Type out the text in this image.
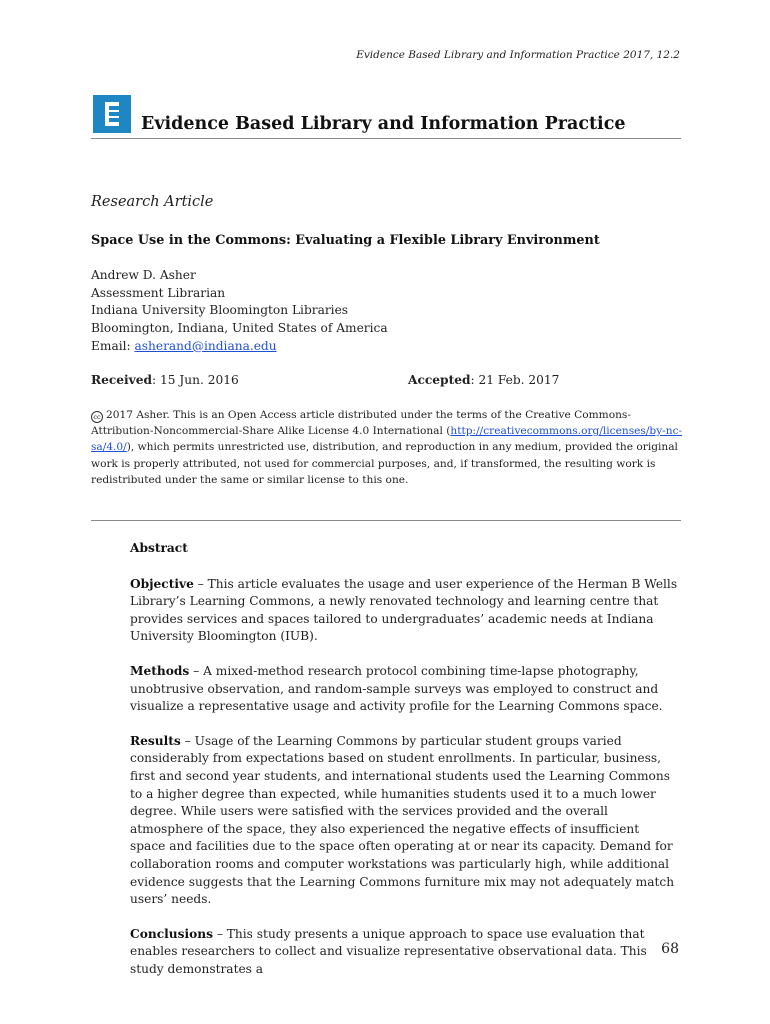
Evidence Based Library and Information Practice 2017, 12.2
Evidence Based Library and Information Practice
Research Article
Space Use in the Commons: Evaluating a Flexible Library Environment
Andrew D. Asher
Assessment Librarian
Indiana University Bloomington Libraries
Bloomington, Indiana, United States of America
Email: asherand@indiana.edu
Received: 15 Jun. 2016	Accepted: 21 Feb. 2017
cc 2017 Asher. This is an Open Access article distributed under the terms of the Creative Commons-Attribution-Noncommercial-Share Alike License 4.0 International (http://creativecommons.org/licenses/by-nc-sa/4.0/), which permits unrestricted use, distribution, and reproduction in any medium, provided the original work is properly attributed, not used for commercial purposes, and, if transformed, the resulting work is redistributed under the same or similar license to this one.
Abstract

Objective – This article evaluates the usage and user experience of the Herman B Wells Library’s Learning Commons, a newly renovated technology and learning centre that provides services and spaces tailored to undergraduates’ academic needs at Indiana University Bloomington (IUB).

Methods – A mixed-method research protocol combining time-lapse photography, unobtrusive observation, and random-sample surveys was employed to construct and visualize a representative usage and activity profile for the Learning Commons space.

Results – Usage of the Learning Commons by particular student groups varied considerably from expectations based on student enrollments. In particular, business, first and second year students, and international students used the Learning Commons to a higher degree than expected, while humanities students used it to a much lower degree. While users were satisfied with the services provided and the overall atmosphere of the space, they also experienced the negative effects of insufficient space and facilities due to the space often operating at or near its capacity. Demand for collaboration rooms and computer workstations was particularly high, while additional evidence suggests that the Learning Commons furniture mix may not adequately match users’ needs.

Conclusions – This study presents a unique approach to space use evaluation that enables researchers to collect and visualize representative observational data. This study demonstrates a

68
